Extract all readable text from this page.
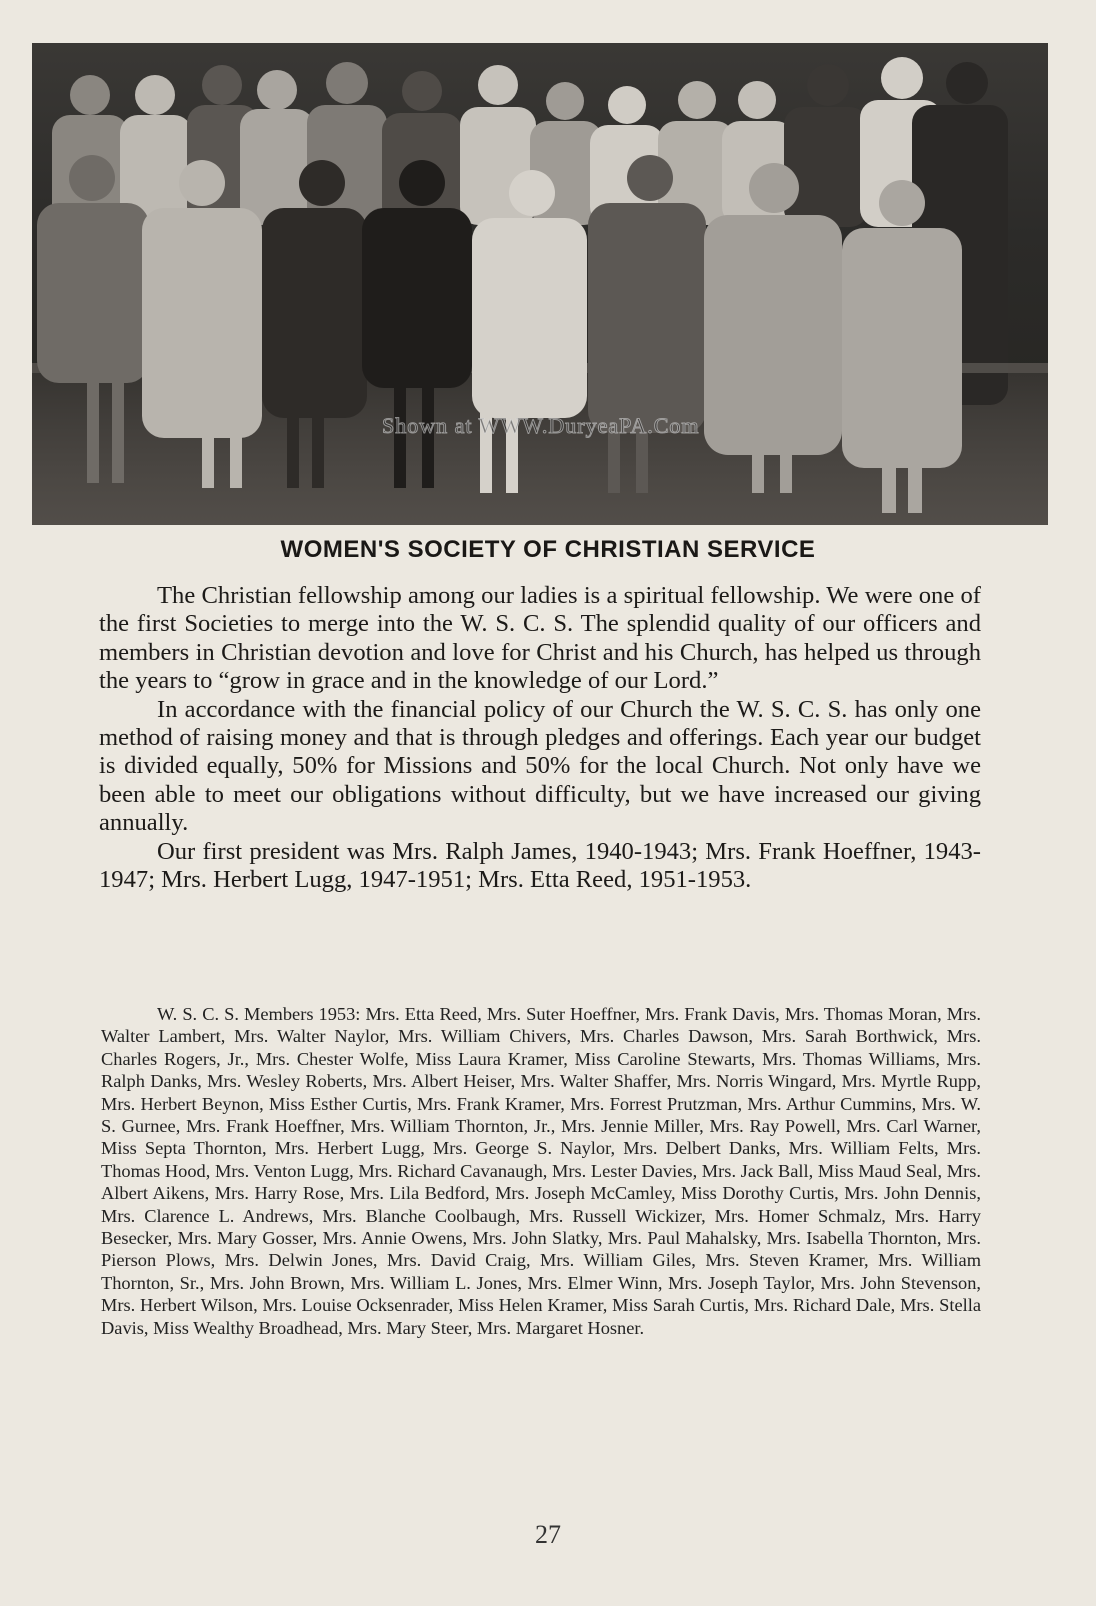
Shown at WWW.DuryeaPA.Com
WOMEN'S SOCIETY OF CHRISTIAN SERVICE

The Christian fellowship among our ladies is a spiritual fellowship. We were one of the first Societies to merge into the W. S. C. S. The splendid quality of our officers and members in Christian devotion and love for Christ and his Church, has helped us through the years to “grow in grace and in the knowledge of our Lord.”

In accordance with the financial policy of our Church the W. S. C. S. has only one method of raising money and that is through pledges and offerings. Each year our budget is divided equally, 50% for Missions and 50% for the local Church. Not only have we been able to meet our obligations without difficulty, but we have increased our giving annually.

Our first president was Mrs. Ralph James, 1940-1943; Mrs. Frank Hoeffner, 1943-1947; Mrs. Herbert Lugg, 1947-1951; Mrs. Etta Reed, 1951-1953.

W. S. C. S. Members 1953: Mrs. Etta Reed, Mrs. Suter Hoeffner, Mrs. Frank Davis, Mrs. Thomas Moran, Mrs. Walter Lambert, Mrs. Walter Naylor, Mrs. William Chivers, Mrs. Charles Dawson, Mrs. Sarah Borthwick, Mrs. Charles Rogers, Jr., Mrs. Chester Wolfe, Miss Laura Kramer, Miss Caroline Stewarts, Mrs. Thomas Williams, Mrs. Ralph Danks, Mrs. Wesley Roberts, Mrs. Albert Heiser, Mrs. Walter Shaffer, Mrs. Norris Wingard, Mrs. Myrtle Rupp, Mrs. Herbert Beynon, Miss Esther Curtis, Mrs. Frank Kramer, Mrs. Forrest Prutzman, Mrs. Arthur Cummins, Mrs. W. S. Gurnee, Mrs. Frank Hoeffner, Mrs. William Thornton, Jr., Mrs. Jennie Miller, Mrs. Ray Powell, Mrs. Carl Warner, Miss Septa Thornton, Mrs. Herbert Lugg, Mrs. George S. Naylor, Mrs. Delbert Danks, Mrs. William Felts, Mrs. Thomas Hood, Mrs. Venton Lugg, Mrs. Richard Cavanaugh, Mrs. Lester Davies, Mrs. Jack Ball, Miss Maud Seal, Mrs. Albert Aikens, Mrs. Harry Rose, Mrs. Lila Bedford, Mrs. Joseph McCamley, Miss Dorothy Curtis, Mrs. John Dennis, Mrs. Clarence L. Andrews, Mrs. Blanche Coolbaugh, Mrs. Russell Wickizer, Mrs. Homer Schmalz, Mrs. Harry Besecker, Mrs. Mary Gosser, Mrs. Annie Owens, Mrs. John Slatky, Mrs. Paul Mahalsky, Mrs. Isabella Thornton, Mrs. Pierson Plows, Mrs. Delwin Jones, Mrs. David Craig, Mrs. William Giles, Mrs. Steven Kramer, Mrs. William Thornton, Sr., Mrs. John Brown, Mrs. William L. Jones, Mrs. Elmer Winn, Mrs. Joseph Taylor, Mrs. John Stevenson, Mrs. Herbert Wilson, Mrs. Louise Ocksenrader, Miss Helen Kramer, Miss Sarah Curtis, Mrs. Richard Dale, Mrs. Stella Davis, Miss Wealthy Broadhead, Mrs. Mary Steer, Mrs. Margaret Hosner.

27
